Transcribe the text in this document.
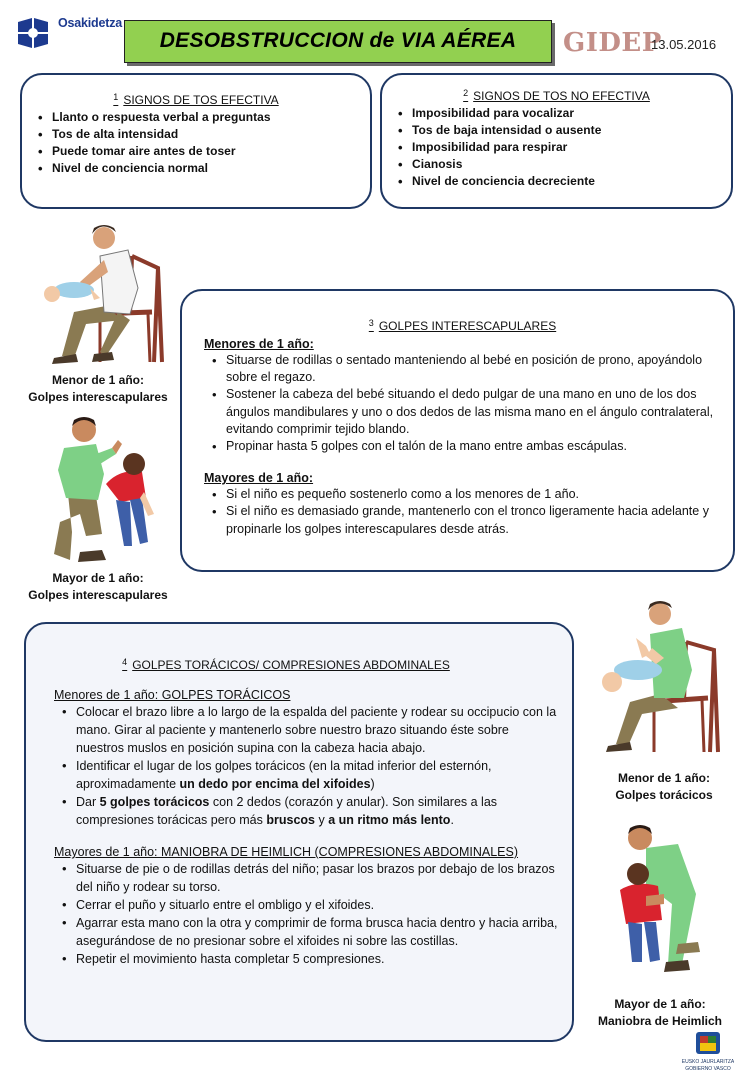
Osakidetza
DESOBSTRUCCION de VIA AÉREA	GIDEP
13.05.2016
$^1$ SIGNOS DE TOS EFECTIVA
• Llanto o respuesta verbal a preguntas
• Tos de alta intensidad
• Puede tomar aire antes de toser
• Nivel de conciencia normal
$^2$ SIGNOS DE TOS NO EFECTIVA
• Imposibilidad para vocalizar
• Tos de baja intensidad o ausente
• Imposibilidad para respirar
• Cianosis
• Nivel de conciencia decreciente
Menor de 1 año:
Golpes interescapulares
Mayor de 1 año:
Golpes interescapulares
$^3$ GOLPES INTERESCAPULARES
Menores de 1 año:
• Situarse de rodillas o sentado manteniendo al bebé en posición de prono, apoyándolo sobre el regazo.
• Sostener la cabeza del bebé situando el dedo pulgar de una mano en uno de los dos ángulos mandibulares y uno o dos dedos de las misma mano en el ángulo contralateral, evitando comprimir tejido blando.
• Propinar hasta 5 golpes con el talón de la mano entre ambas escápulas.
Mayores de 1 año:
• Si el niño es pequeño sostenerlo como a los menores de 1 año.
• Si el niño es demasiado grande, mantenerlo con el tronco ligeramente hacia adelante y propinarle los golpes interescapulares desde atrás.
$^4$ GOLPES TORÁCICOS/ COMPRESIONES ABDOMINALES
Menores de 1 año: GOLPES TORÁCICOS
• Colocar el brazo libre a lo largo de la espalda del paciente y rodear su occipucio con la mano. Girar al paciente y mantenerlo sobre nuestro brazo situando éste sobre nuestros muslos en posición supina con la cabeza hacia abajo.
• Identificar el lugar de los golpes torácicos (en la mitad inferior del esternón, aproximadamente un dedo por encima del xifoides)
• Dar 5 golpes torácicos con 2 dedos (corazón y anular). Son similares a las compresiones torácicas pero más bruscos y a un ritmo más lento.
Mayores de 1 año: MANIOBRA DE HEIMLICH (COMPRESIONES ABDOMINALES)
• Situarse de pie o de rodillas detrás del niño; pasar los brazos por debajo de los brazos del niño y rodear su torso.
• Cerrar el puño y situarlo entre el ombligo y el xifoides.
• Agarrar esta mano con la otra y comprimir de forma brusca hacia dentro y hacia arriba, asegurándose de no presionar sobre el xifoides ni sobre las costillas.
• Repetir el movimiento hasta completar 5 compresiones.
Menor de 1 año:
Golpes torácicos
Mayor de 1 año:
Maniobra de Heimlich
EUSKO JAURLARITZA
GOBIERNO VASCO
